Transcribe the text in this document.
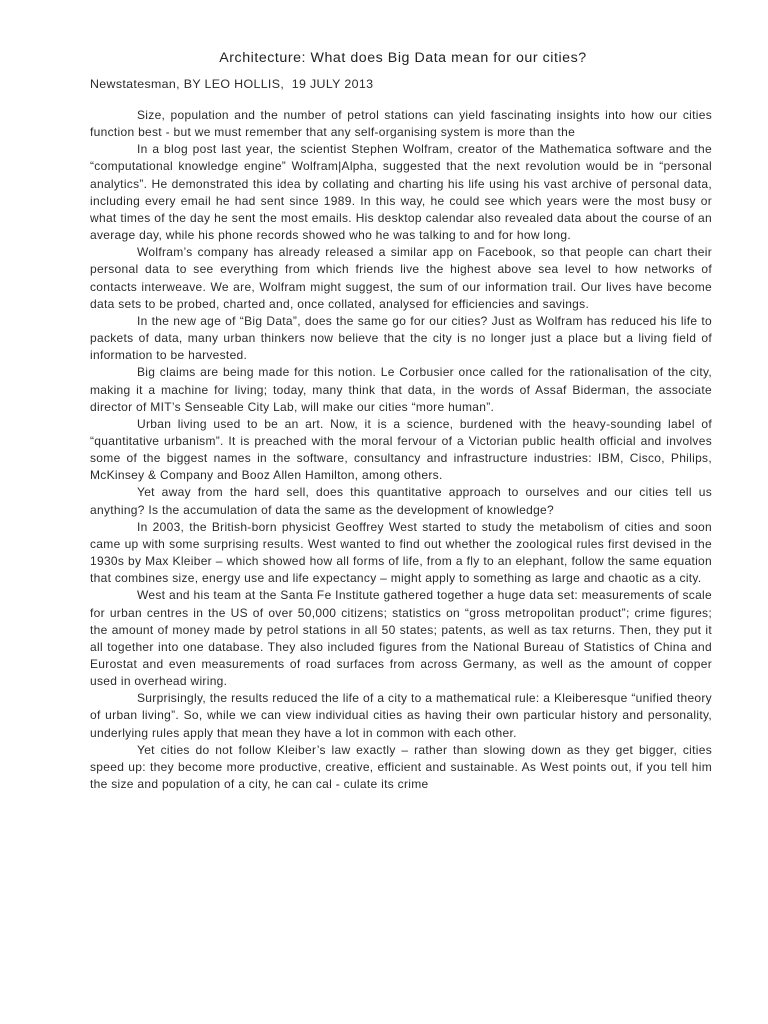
Architecture: What does Big Data mean for our cities?
Newstatesman, BY LEO HOLLIS,  19 JULY 2013

Size, population and the number of petrol stations can yield fascinating insights into how our cities function best - but we must remember that any self-organising system is more than the

In a blog post last year, the scientist Stephen Wolfram, creator of the Mathematica software and the “computational knowledge engine” Wolfram|Alpha, suggested that the next revolution would be in “personal analytics”. He demonstrated this idea by collating and charting his life using his vast archive of personal data, including every email he had sent since 1989. In this way, he could see which years were the most busy or what times of the day he sent the most emails. His desktop calendar also revealed data about the course of an average day, while his phone records showed who he was talking to and for how long.

Wolfram’s company has already released a similar app on Facebook, so that people can chart their personal data to see everything from which friends live the highest above sea level to how networks of contacts interweave. We are, Wolfram might suggest, the sum of our information trail. Our lives have become data sets to be probed, charted and, once collated, analysed for efficiencies and savings.

In the new age of “Big Data”, does the same go for our cities? Just as Wolfram has reduced his life to packets of data, many urban thinkers now believe that the city is no longer just a place but a living field of information to be harvested.

Big claims are being made for this notion. Le Corbusier once called for the rationalisation of the city, making it a machine for living; today, many think that data, in the words of Assaf Biderman, the associate director of MIT’s Senseable City Lab, will make our cities “more human”.

Urban living used to be an art. Now, it is a science, burdened with the heavy-sounding label of “quantitative urbanism”. It is preached with the moral fervour of a Victorian public health official and involves some of the biggest names in the software, consultancy and infrastructure industries: IBM, Cisco, Philips, McKinsey & Company and Booz Allen Hamilton, among others.

Yet away from the hard sell, does this quantitative approach to ourselves and our cities tell us anything? Is the accumulation of data the same as the development of knowledge?

In 2003, the British-born physicist Geoffrey West started to study the metabolism of cities and soon came up with some surprising results. West wanted to find out whether the zoological rules first devised in the 1930s by Max Kleiber – which showed how all forms of life, from a fly to an elephant, follow the same equation that combines size, energy use and life expectancy – might apply to something as large and chaotic as a city.

West and his team at the Santa Fe Institute gathered together a huge data set: measurements of scale for urban centres in the US of over 50,000 citizens; statistics on “gross metropolitan product”; crime figures; the amount of money made by petrol stations in all 50 states; patents, as well as tax returns. Then, they put it all together into one database. They also included figures from the National Bureau of Statistics of China and Eurostat and even measurements of road surfaces from across Germany, as well as the amount of copper used in overhead wiring.

Surprisingly, the results reduced the life of a city to a mathematical rule: a Kleiberesque “unified theory of urban living”. So, while we can view individual cities as having their own particular history and personality, underlying rules apply that mean they have a lot in common with each other.

Yet cities do not follow Kleiber’s law exactly – rather than slowing down as they get bigger, cities speed up: they become more productive, creative, efficient and sustainable. As West points out, if you tell him the size and population of a city, he can cal - culate its crime
